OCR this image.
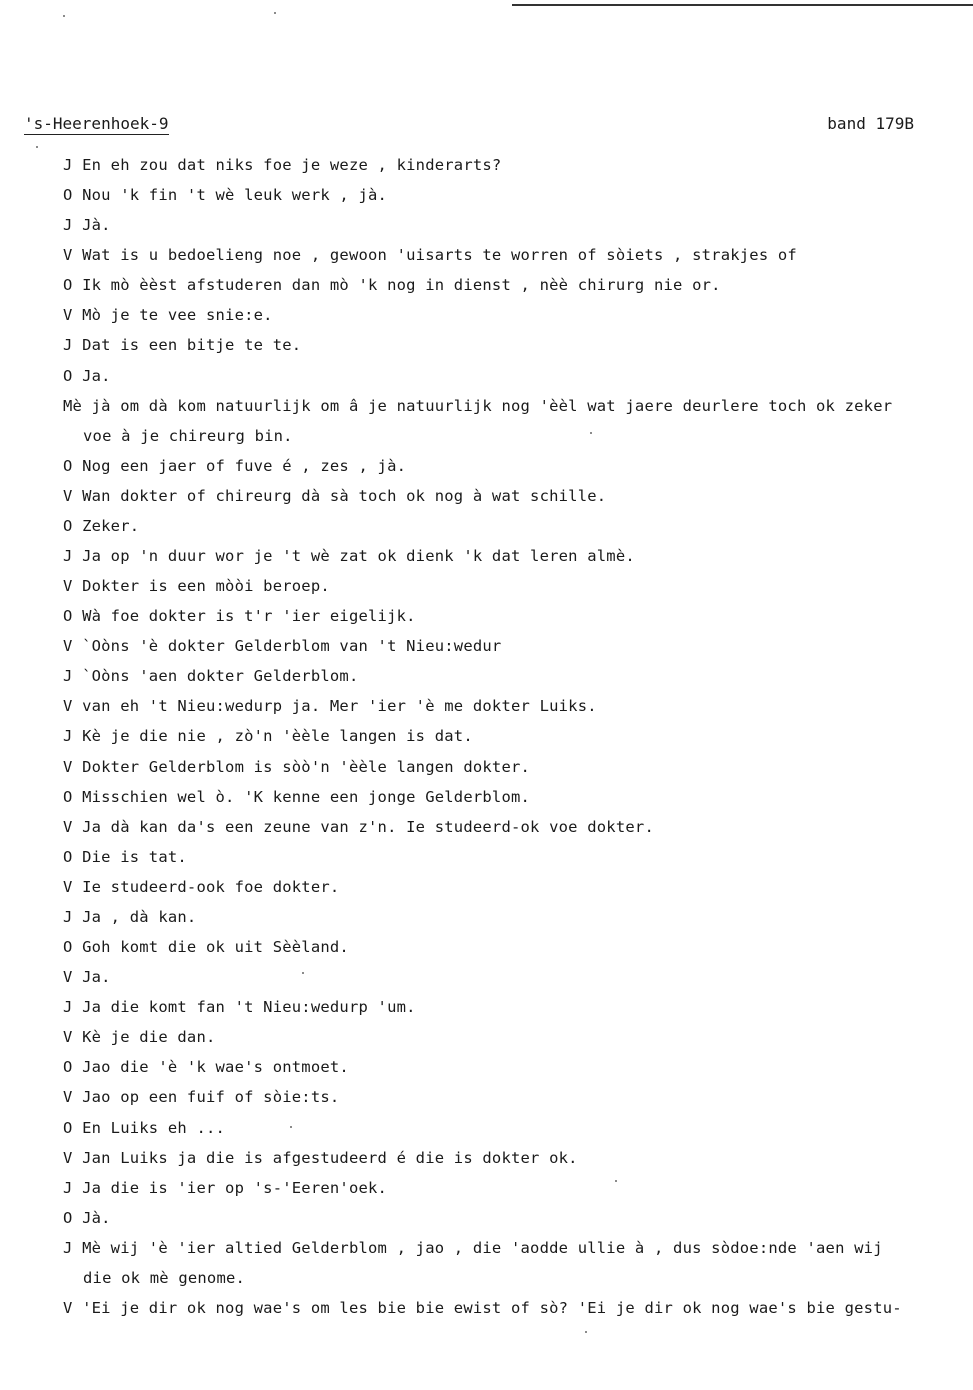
's-Heerenhoek-9	band 179B
J En eh zou dat niks foe je weze , kinderarts?
O Nou 'k fin 't wè leuk werk , jà.
J Jà.
V Wat is u bedoelieng noe , gewoon 'uisarts te worren of sòiets , strakjes of
O Ik mò èèst afstuderen dan mò 'k nog in dienst , nèè chirurg nie or.
V Mò je te vee snie:e.
J Dat is een bitje te te.
O Ja.
Mè jà om dà kom natuurlijk om â je natuurlijk nog 'èèl wat jaere deurlere toch ok zeker
voe à je chireurg bin.
O Nog een jaer of fuve é , zes , jà.
V Wan dokter of chireurg dà sà toch ok nog à wat schille.
O Zeker.
J Ja op 'n duur wor je 't wè zat ok dienk 'k dat leren almè.
V Dokter is een mòòi beroep.
O Wà foe dokter is t'r 'ier eigelijk.
V `Oòns 'è dokter Gelderblom van 't Nieu:wedur
J `Oòns 'aen dokter Gelderblom.
V van eh 't Nieu:wedurp ja. Mer 'ier 'è me dokter Luiks.
J Kè je die nie , zò'n 'èèle langen is dat.
V Dokter Gelderblom is sòò'n 'èèle langen dokter.
O Misschien wel ò. 'K kenne een jonge Gelderblom.
V Ja dà kan da's een zeune van z'n. Ie studeerd-ok voe dokter.
O Die is tat.
V Ie studeerd-ook foe dokter.
J Ja , dà kan.
O Goh komt die ok uit Sèèland.
V Ja.
J Ja die komt fan 't Nieu:wedurp 'um.
V Kè je die dan.
O Jao die 'è 'k wae's ontmoet.
V Jao op een fuif of sòie:ts.
O En Luiks eh ...
V Jan Luiks ja die is afgestudeerd é die is dokter ok.
J Ja die is 'ier op 's-'Eeren'oek.
O Jà.
J Mè wij 'è 'ier altied Gelderblom , jao , die 'aodde ullie à , dus sòdoe:nde 'aen wij
die ok mè genome.
V 'Ei je dir ok nog wae's om les bie bie ewist of sò? 'Ei je dir ok nog wae's bie gestu-
